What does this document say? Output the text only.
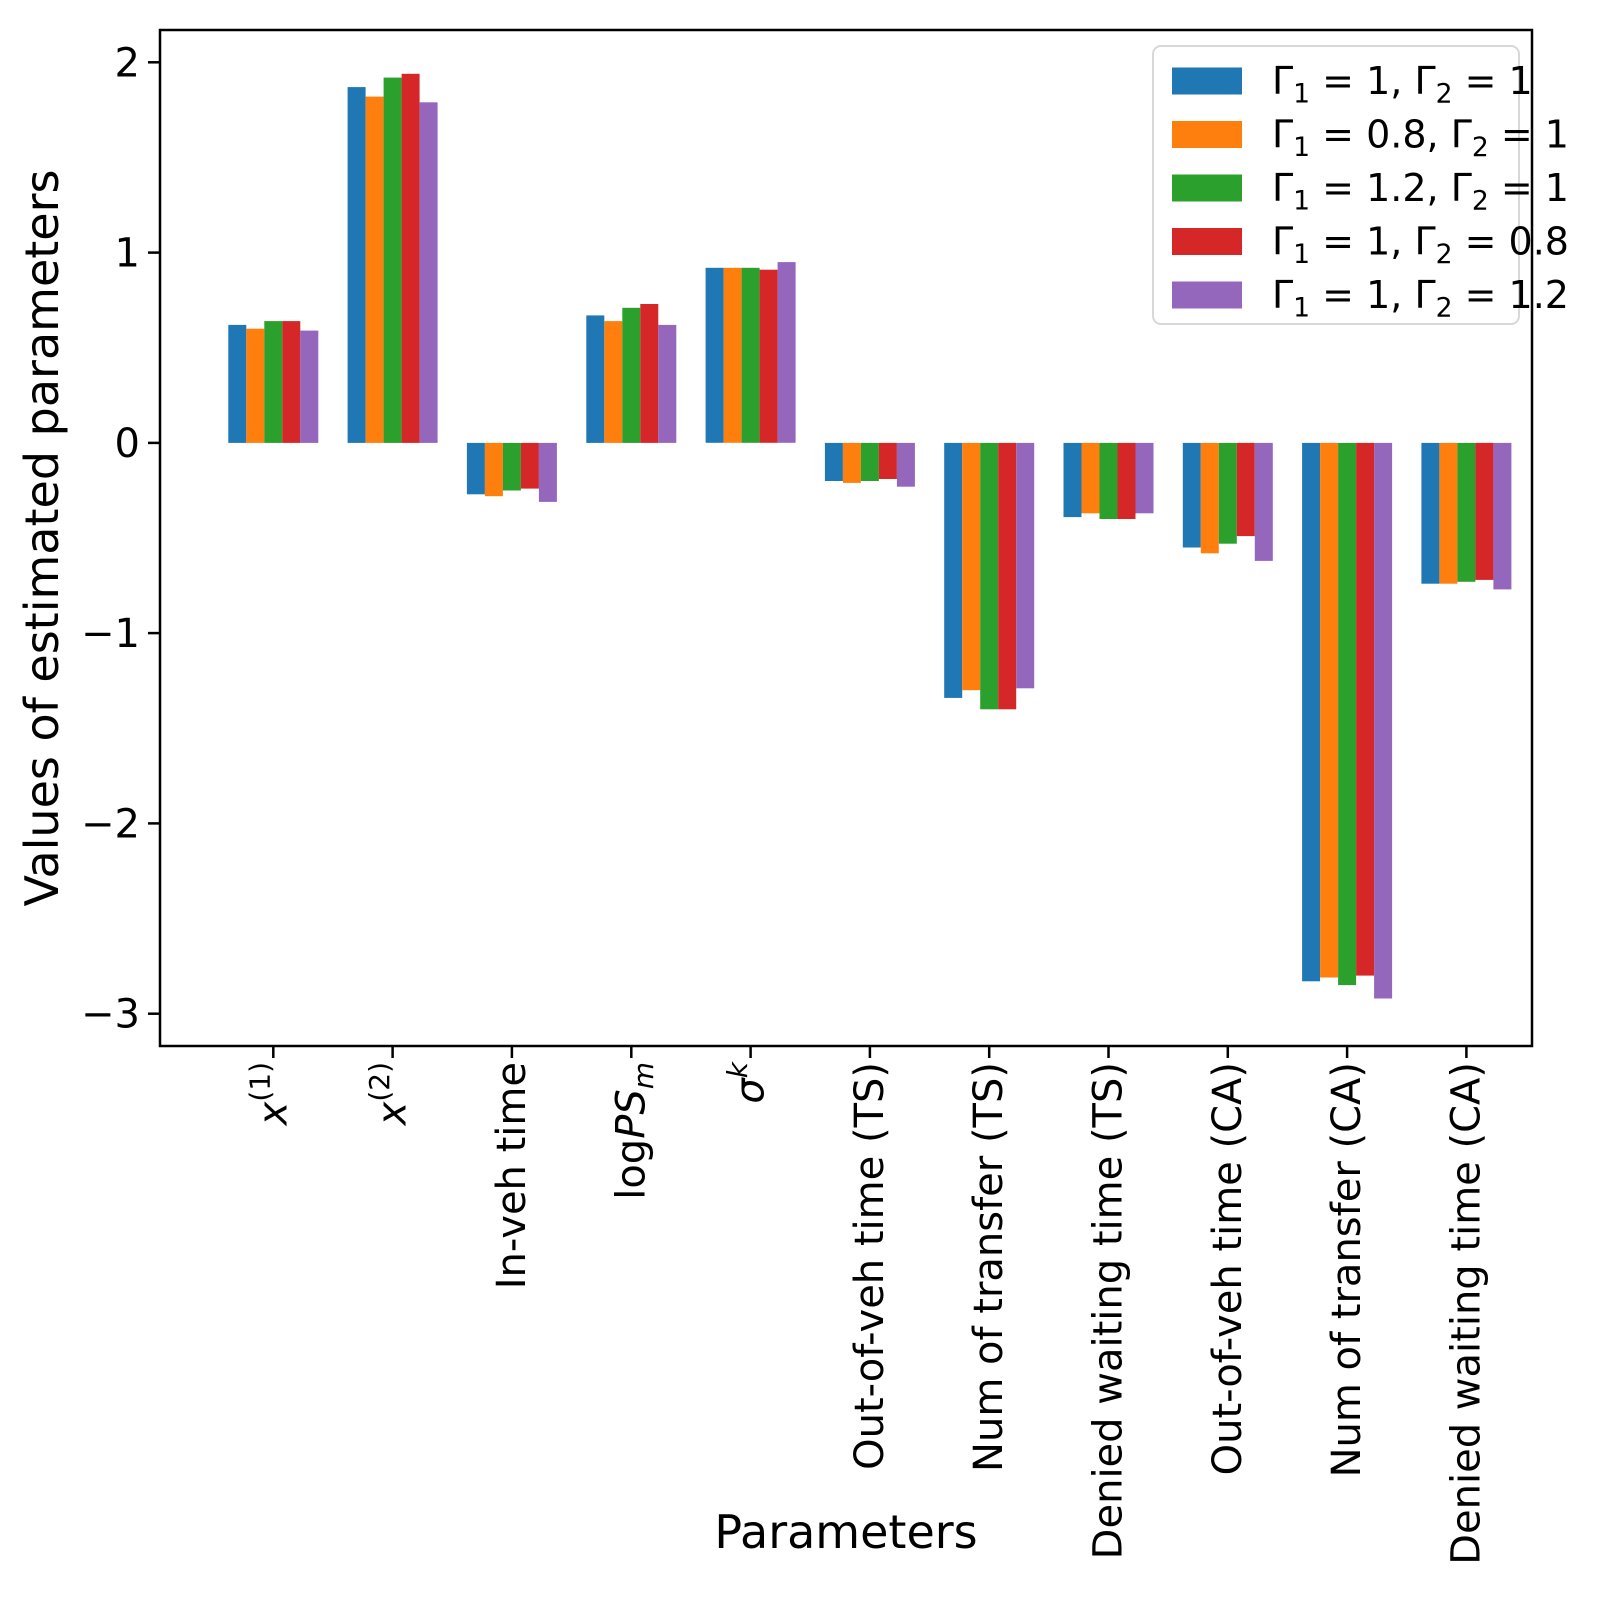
2
1
0
−1
−2
−3
$x^{(1)}$
$x^{(2)}$	In-veh time logPS$_m$
$\sigma^k$	Out-of-veh time (TS) Num of transfer (TS) Denied waiting time (TS) Out-of-veh time (CA) Num of transfer (CA) Denied waiting time (CA)
Parameters
Values of estimated parameters
$\Gamma_1 = 1$, $\Gamma_2 = 1$
$\Gamma_1 = 0.8$, $\Gamma_2 = 1$
$\Gamma_1 = 1.2$, $\Gamma_2 = 1$
$\Gamma_1 = 1$, $\Gamma_2 = 0.8$
$\Gamma_1 = 1$, $\Gamma_2 = 1.2$
